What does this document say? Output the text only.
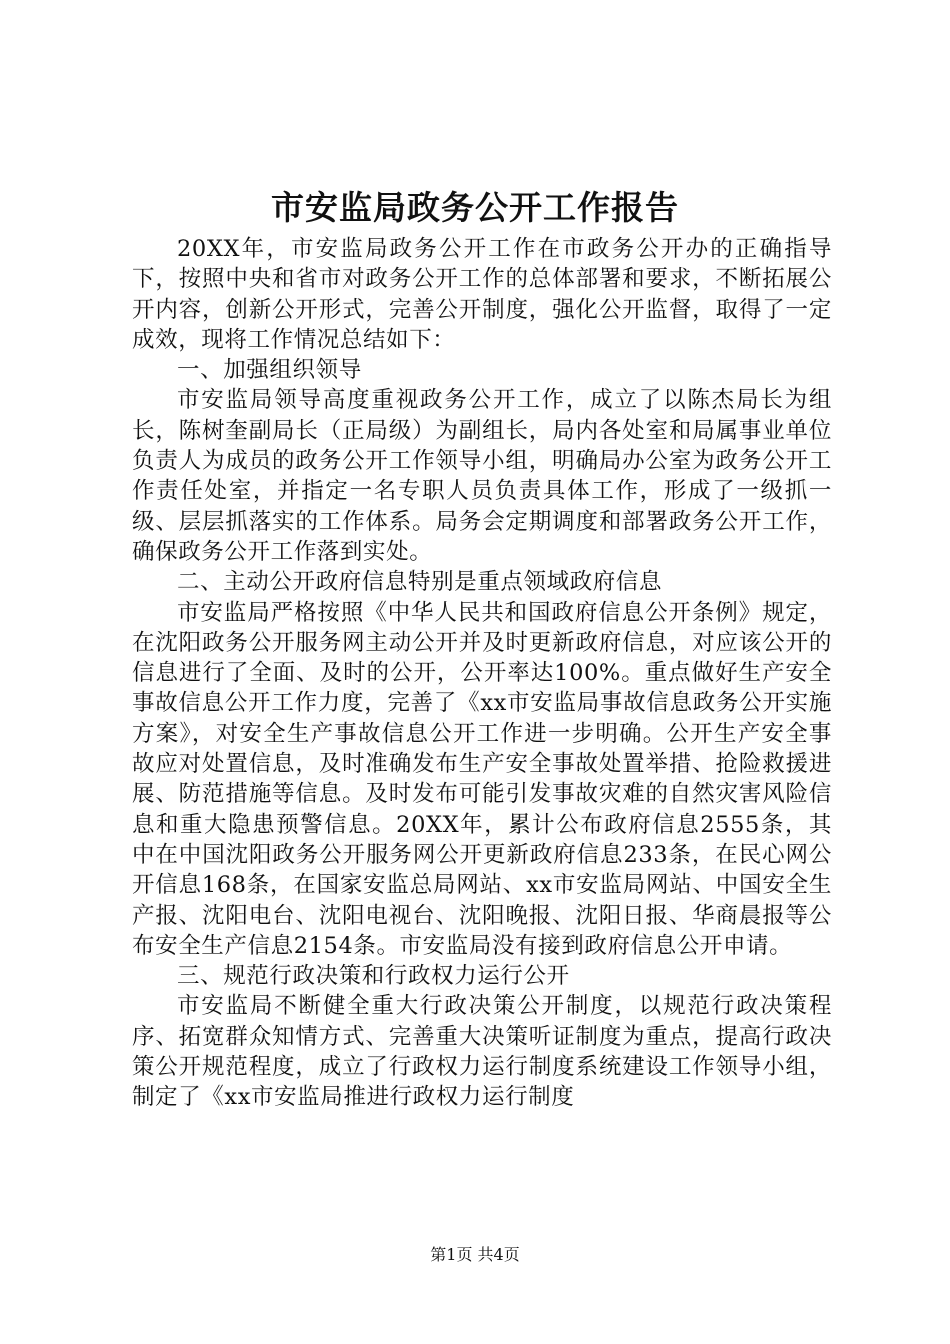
市安监局政务公开工作报告

20XX年，市安监局政务公开工作在市政务公开办的正确指导下，按照中央和省市对政务公开工作的总体部署和要求，不断拓展公开内容，创新公开形式，完善公开制度，强化公开监督，取得了一定成效，现将工作情况总结如下：

一、加强组织领导

市安监局领导高度重视政务公开工作，成立了以陈杰局长为组长，陈树奎副局长（正局级）为副组长，局内各处室和局属事业单位负责人为成员的政务公开工作领导小组，明确局办公室为政务公开工作责任处室，并指定一名专职人员负责具体工作，形成了一级抓一级、层层抓落实的工作体系。局务会定期调度和部署政务公开工作，确保政务公开工作落到实处。

二、主动公开政府信息特别是重点领域政府信息

市安监局严格按照《中华人民共和国政府信息公开条例》规定，在沈阳政务公开服务网主动公开并及时更新政府信息，对应该公开的信息进行了全面、及时的公开，公开率达100%。重点做好生产安全事故信息公开工作力度，完善了《xx市安监局事故信息政务公开实施方案》，对安全生产事故信息公开工作进一步明确。公开生产安全事故应对处置信息，及时准确发布生产安全事故处置举措、抢险救援进展、防范措施等信息。及时发布可能引发事故灾难的自然灾害风险信息和重大隐患预警信息。20XX年，累计公布政府信息2555条，其中在中国沈阳政务公开服务网公开更新政府信息233条，在民心网公开信息168条，在国家安监总局网站、xx市安监局网站、中国安全生产报、沈阳电台、沈阳电视台、沈阳晚报、沈阳日报、华商晨报等公布安全生产信息2154条。市安监局没有接到政府信息公开申请。

三、规范行政决策和行政权力运行公开

市安监局不断健全重大行政决策公开制度，以规范行政决策程序、拓宽群众知情方式、完善重大决策听证制度为重点，提高行政决策公开规范程度，成立了行政权力运行制度系统建设工作领导小组，制定了《xx市安监局推进行政权力运行制度

第1页 共4页
